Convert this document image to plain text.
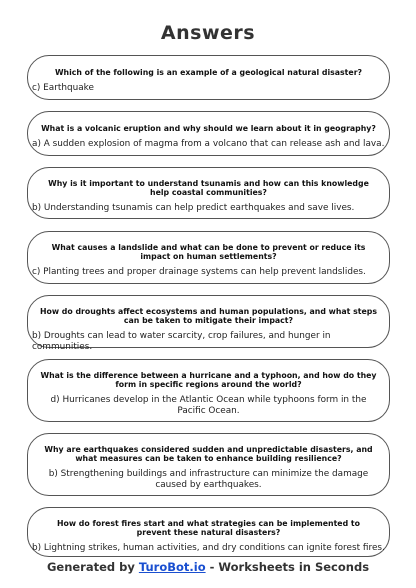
Answers
Which of the following is an example of a geological natural disaster?
c) Earthquake
What is a volcanic eruption and why should we learn about it in geography?
a) A sudden explosion of magma from a volcano that can release ash and lava.
Why is it important to understand tsunamis and how can this knowledge help coastal communities?
b) Understanding tsunamis can help predict earthquakes and save lives.
What causes a landslide and what can be done to prevent or reduce its impact on human settlements?
c) Planting trees and proper drainage systems can help prevent landslides.
How do droughts affect ecosystems and human populations, and what steps can be taken to mitigate their impact?
b) Droughts can lead to water scarcity, crop failures, and hunger in communities.
What is the difference between a hurricane and a typhoon, and how do they form in specific regions around the world?
d) Hurricanes develop in the Atlantic Ocean while typhoons form in the Pacific Ocean.
Why are earthquakes considered sudden and unpredictable disasters, and what measures can be taken to enhance building resilience?
b) Strengthening buildings and infrastructure can minimize the damage caused by earthquakes.
How do forest fires start and what strategies can be implemented to prevent these natural disasters?
b) Lightning strikes, human activities, and dry conditions can ignite forest fires.
Generated by TuroBot.io - Worksheets in Seconds
